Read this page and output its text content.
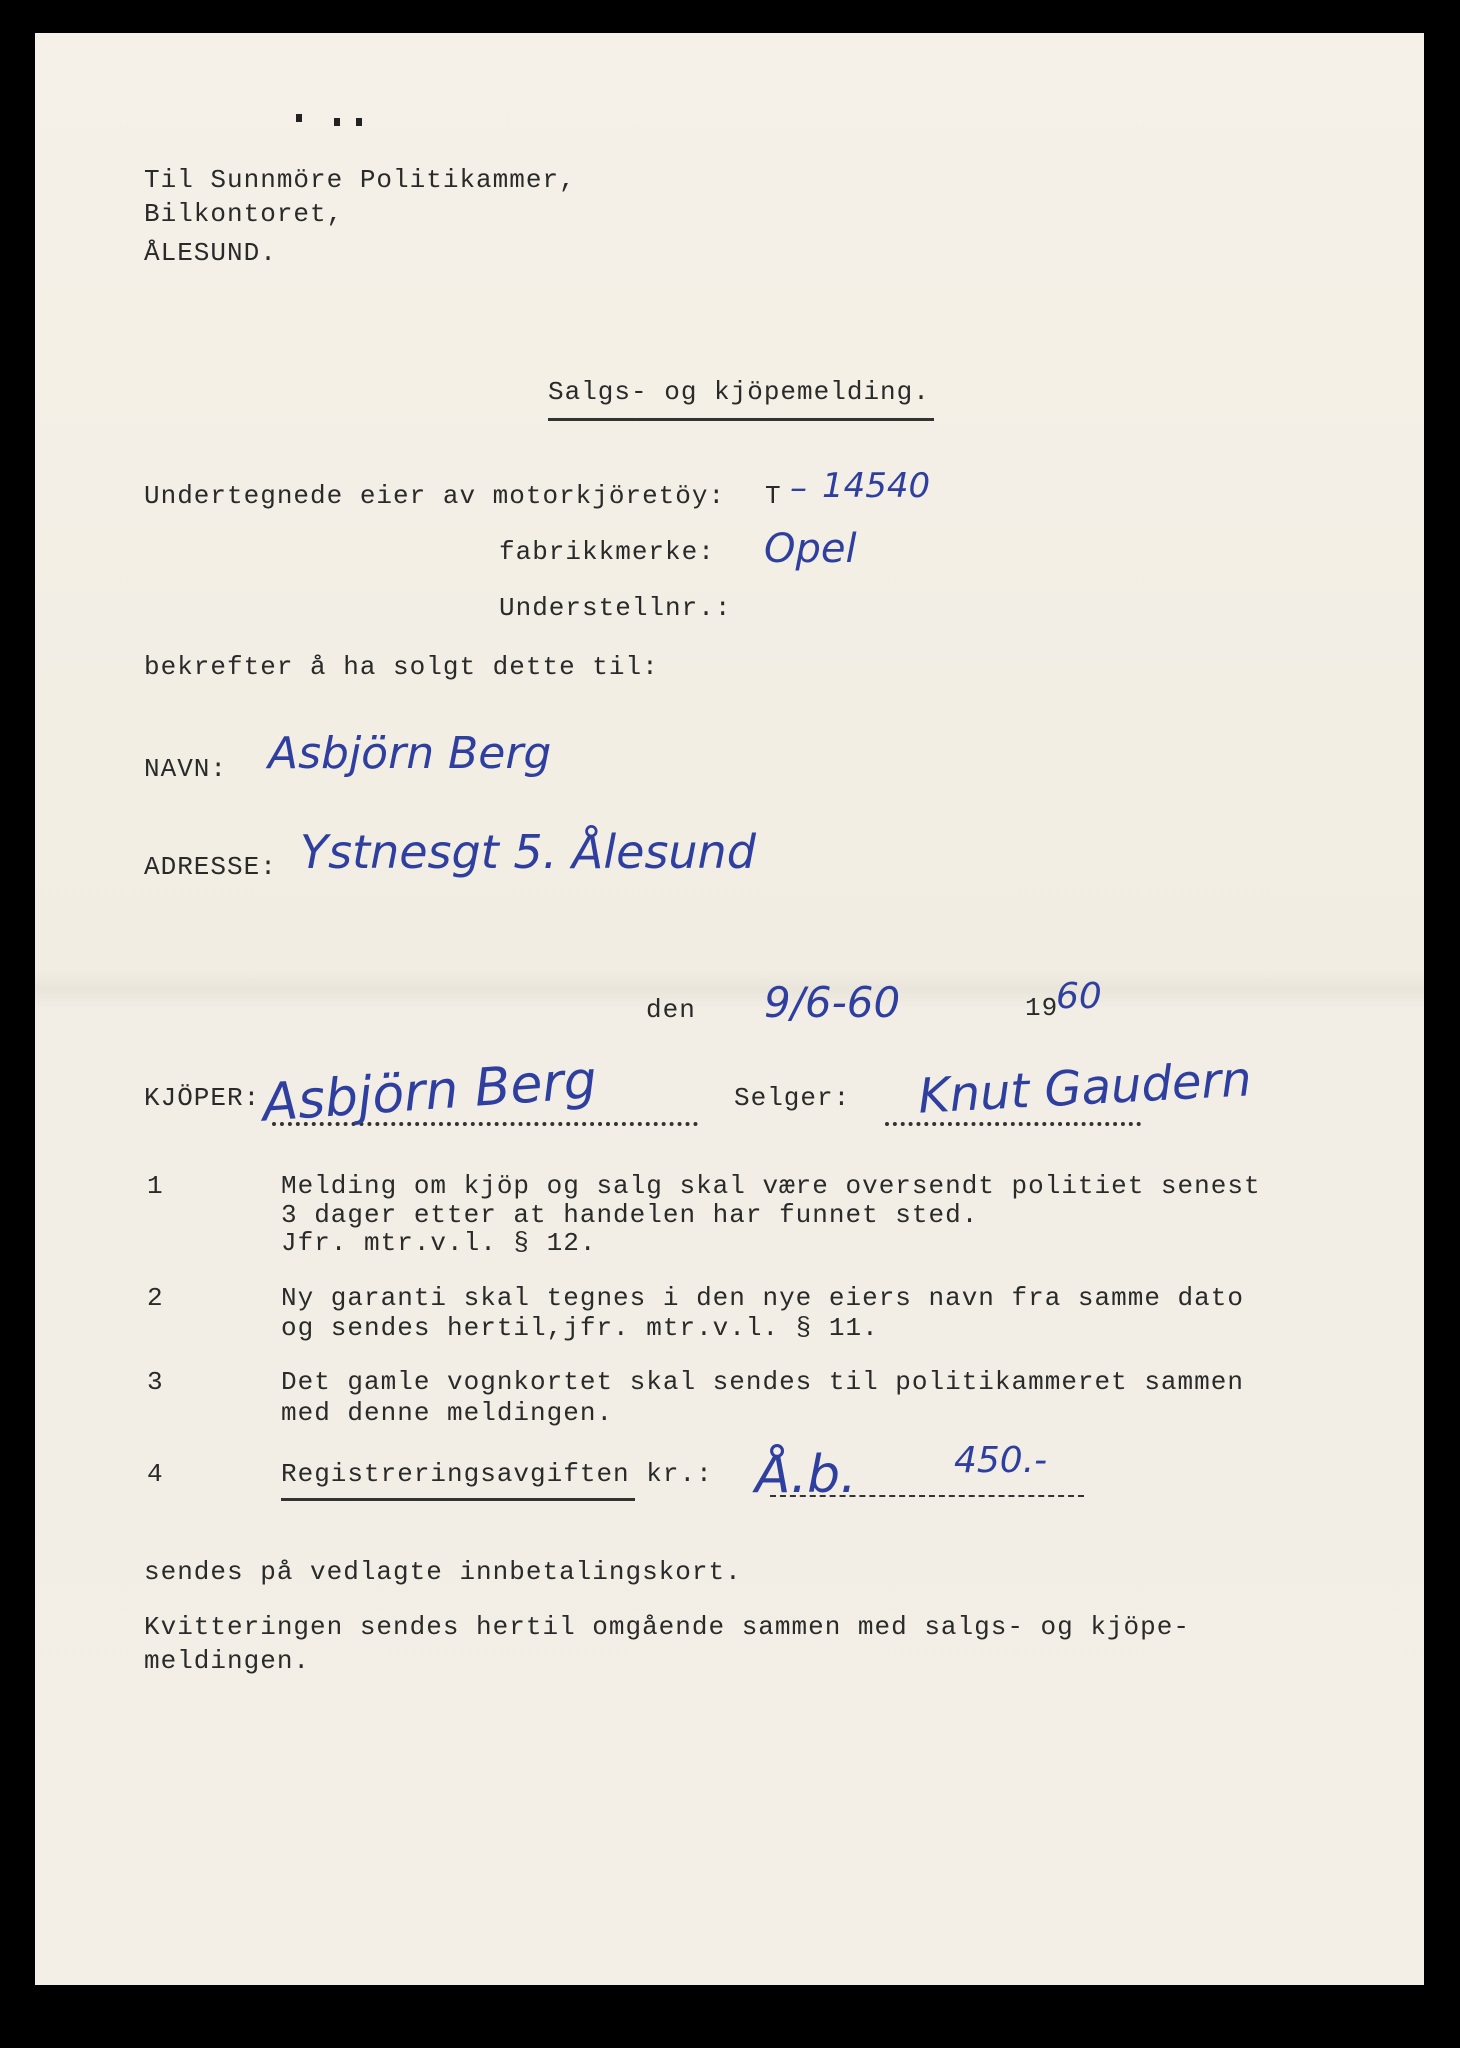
Til Sunnmöre Politikammer,
Bilkontoret,
ÅLESUND.
Salgs- og kjöpemelding.
Undertegnede eier av motorkjöretöy: T – 14540
fabrikkmerke: Opel
Understellnr.:
bekrefter å ha solgt dette til:
NAVN: Asbjörn Berg
ADRESSE: Ystnesgt 5. Ålesund
den 9/6-60	19
60
KJÖPER: Asbjörn Berg	Selger: Knut Gaudern
1	Melding om kjöp og salg skal være oversendt politiet senest
3 dager etter at handelen har funnet sted.
Jfr. mtr.v.l. § 12.
2	Ny garanti skal tegnes i den nye eiers navn fra samme dato
og sendes hertil,jfr. mtr.v.l. § 11.
3	Det gamle vognkortet skal sendes til politikammeret sammen
med denne meldingen.
4	Registreringsavgiften kr.: Å.b.	450.-
sendes på vedlagte innbetalingskort.
Kvitteringen sendes hertil omgående sammen med salgs- og kjöpe-
meldingen.
